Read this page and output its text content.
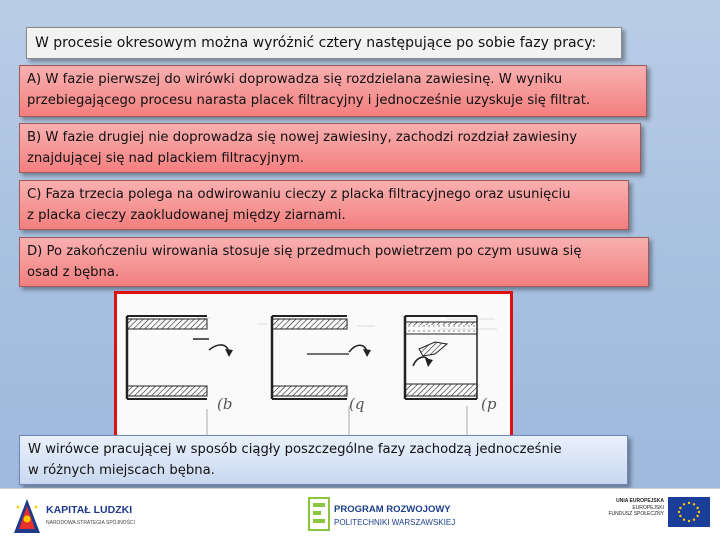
W procesie okresowym można wyróżnić cztery następujące po sobie fazy pracy:
A) W fazie pierwszej do wirówki doprowadza się rozdzielana zawiesinę. W wyniku
przebiegającego procesu narasta placek filtracyjny i jednocześnie uzyskuje się filtrat.
B) W fazie drugiej nie doprowadza się nowej zawiesiny, zachodzi rozdział zawiesiny
znajdującej się nad plackiem filtracyjnym.
C) Faza trzecia polega na odwirowaniu cieczy z placka filtracyjnego oraz usunięciu
z placka cieczy zaokludowanej między ziarnami.
D) Po zakończeniu wirowania stosuje się przedmuch powietrzem po czym usuwa się
osad z bębna.
(b	(q	(p
W wirówce pracującej w sposób ciągły poszczególne fazy zachodzą jednocześnie
w różnych miejscach bębna.
KAPITAŁ LUDZKI
NARODOWA STRATEGIA SPÓJNOŚCI
PROGRAM ROZWOJOWY
POLITECHNIKI WARSZAWSKIEJ
UNIA EUROPEJSKA
EUROPEJSKI
FUNDUSZ SPOŁECZNY
